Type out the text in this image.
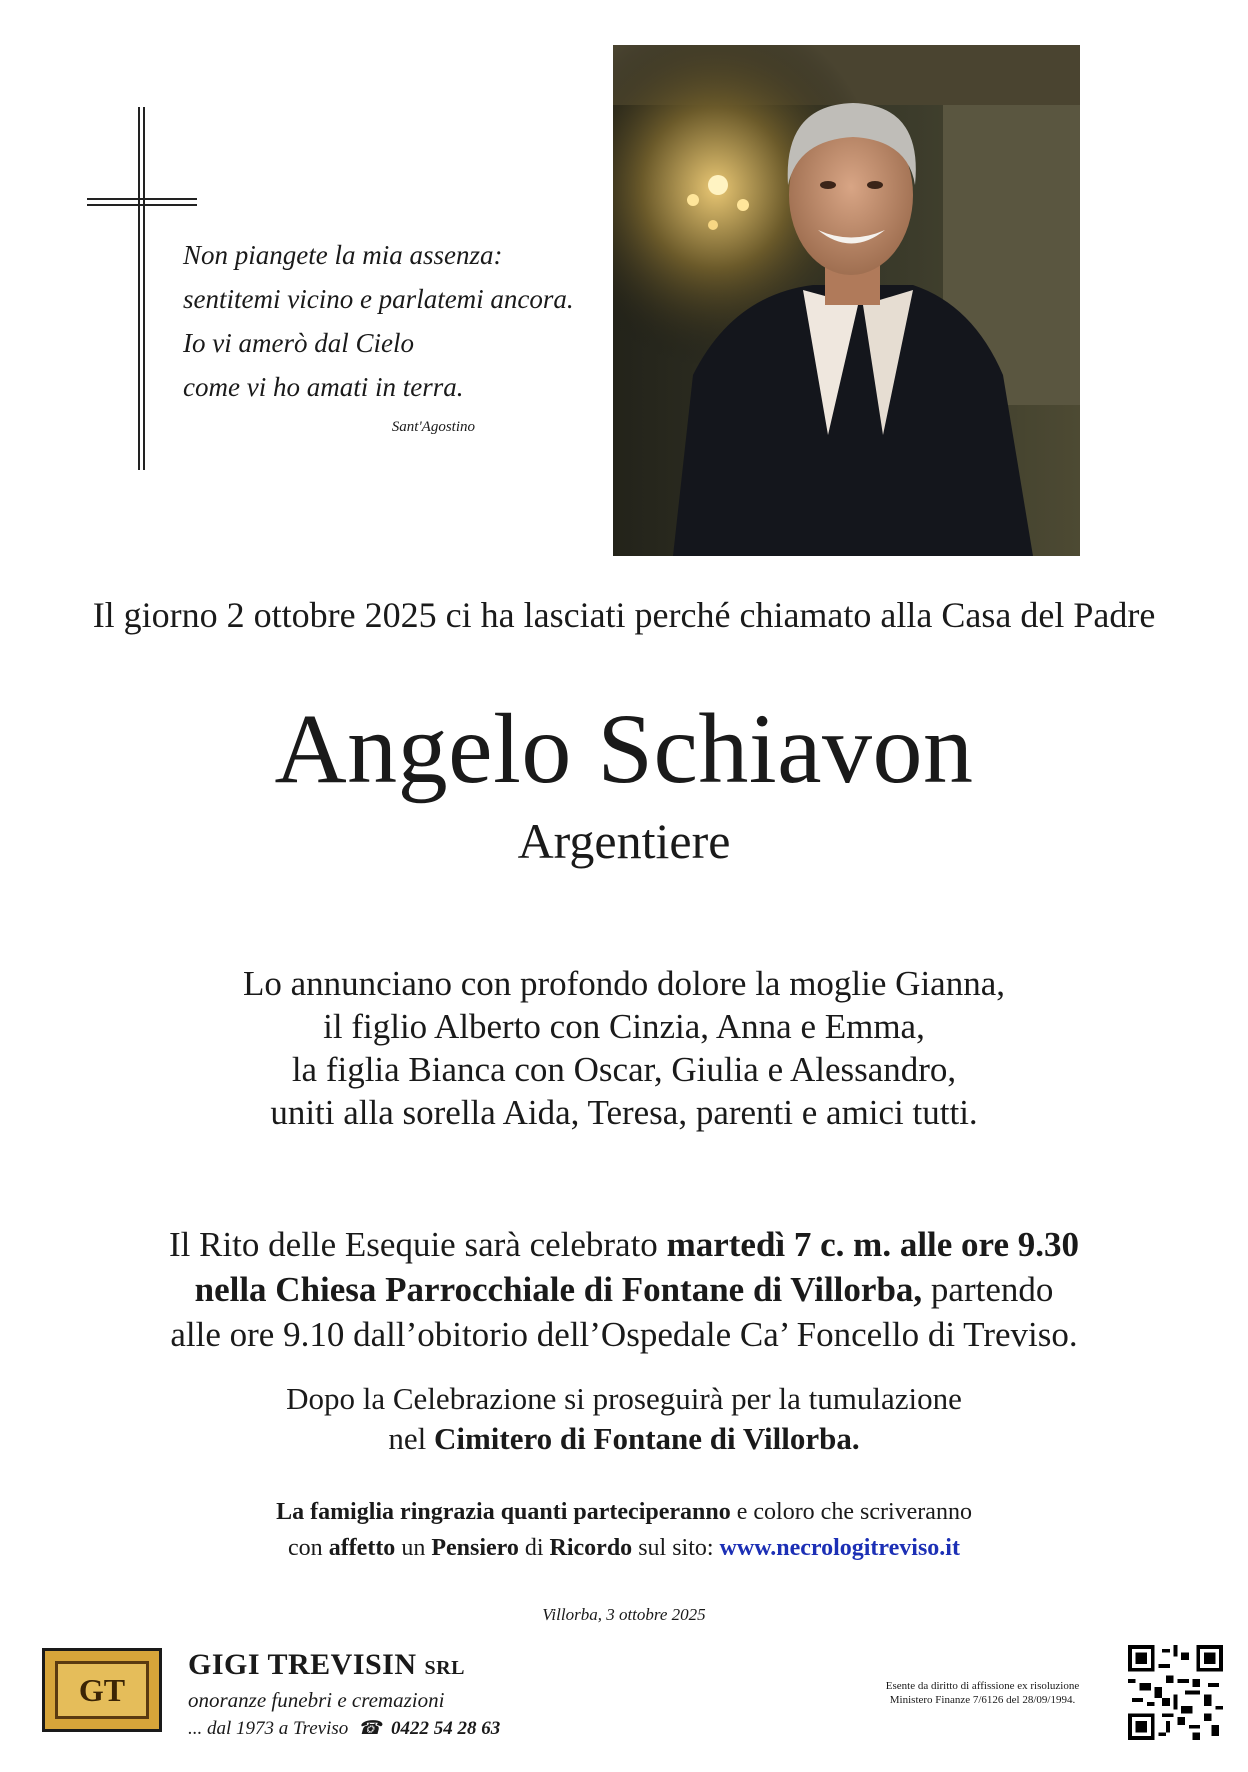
Non piangete la mia assenza:
sentitemi vicino e parlatemi ancora.
Io vi amerò dal Cielo
come vi ho amati in terra.
Sant'Agostino
Il giorno 2 ottobre 2025 ci ha lasciati perché chiamato alla Casa del Padre
Angelo Schiavon
Argentiere
Lo annunciano con profondo dolore la moglie Gianna,
il figlio Alberto con Cinzia, Anna e Emma,
la figlia Bianca con Oscar, Giulia e Alessandro,
uniti alla sorella Aida, Teresa, parenti e amici tutti.
Il Rito delle Esequie sarà celebrato martedì 7 c. m. alle ore 9.30
nella Chiesa Parrocchiale di Fontane di Villorba, partendo
alle ore 9.10 dall’obitorio dell’Ospedale Ca’ Foncello di Treviso.
Dopo la Celebrazione si proseguirà per la tumulazione
nel Cimitero di Fontane di Villorba.
La famiglia ringrazia quanti parteciperanno e coloro che scriveranno
con affetto un Pensiero di Ricordo sul sito: www.necrologitreviso.it
Villorba, 3 ottobre 2025
GT
GIGI TREVISIN SRL
onoranze funebri e cremazioni
... dal 1973 a Treviso ☎ 0422 54 28 63
Esente da diritto di affissione ex risoluzione
Ministero Finanze 7/6126 del 28/09/1994.
